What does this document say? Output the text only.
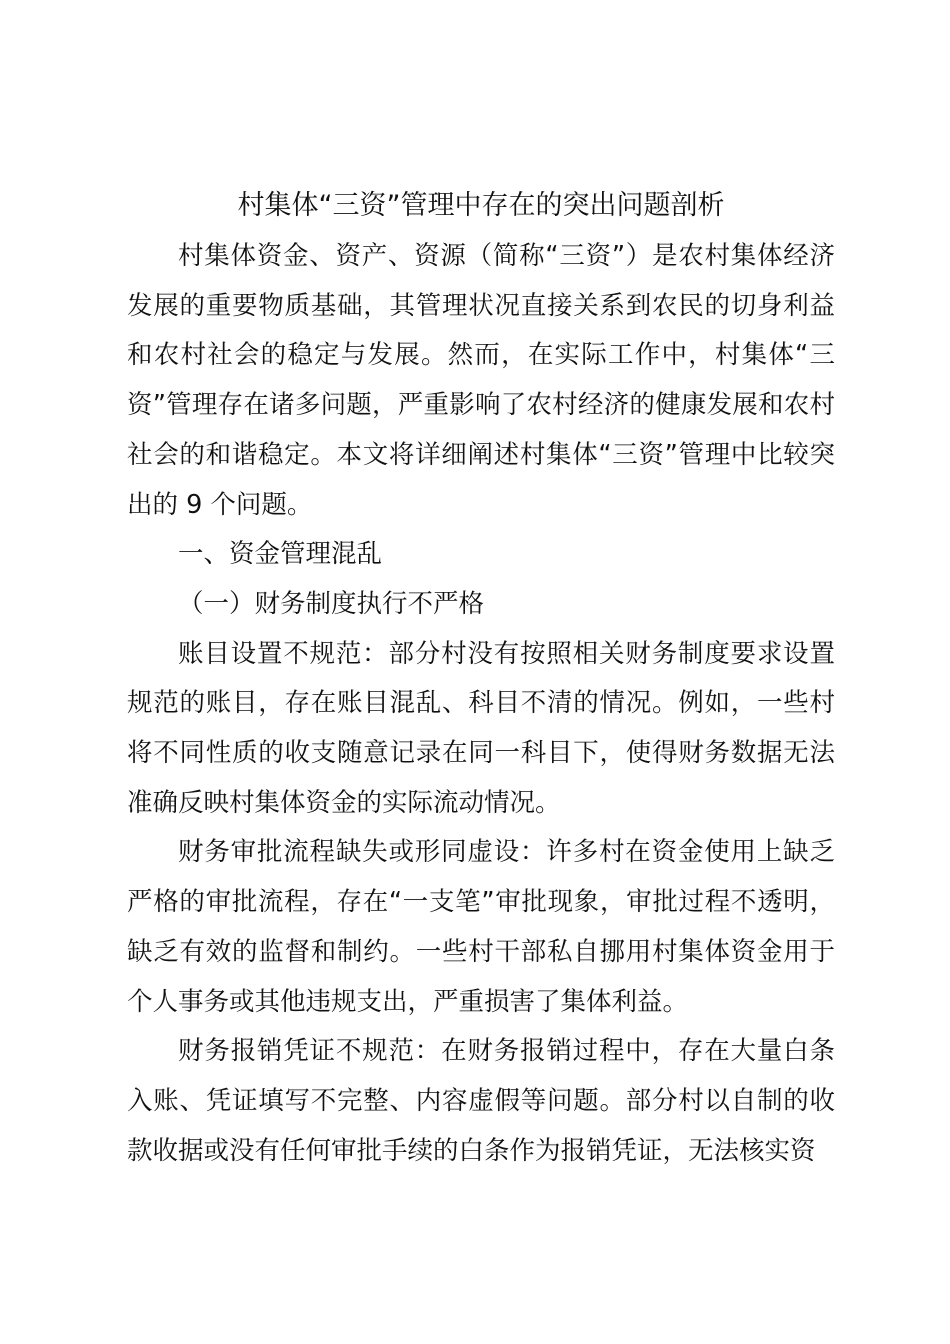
村集体“三资”管理中存在的突出问题剖析

村集体资金、资产、资源（简称“三资”）是农村集体经济发展的重要物质基础，其管理状况直接关系到农民的切身利益和农村社会的稳定与发展。然而，在实际工作中，村集体“三资”管理存在诸多问题，严重影响了农村经济的健康发展和农村社会的和谐稳定。本文将详细阐述村集体“三资”管理中比较突出的 9 个问题。

一、资金管理混乱

（一）财务制度执行不严格

账目设置不规范：部分村没有按照相关财务制度要求设置规范的账目，存在账目混乱、科目不清的情况。例如，一些村将不同性质的收支随意记录在同一科目下，使得财务数据无法准确反映村集体资金的实际流动情况。

财务审批流程缺失或形同虚设：许多村在资金使用上缺乏严格的审批流程，存在“一支笔”审批现象，审批过程不透明，缺乏有效的监督和制约。一些村干部私自挪用村集体资金用于个人事务或其他违规支出，严重损害了集体利益。

财务报销凭证不规范：在财务报销过程中，存在大量白条入账、凭证填写不完整、内容虚假等问题。部分村以自制的收款收据或没有任何审批手续的白条作为报销凭证，无法核实资
